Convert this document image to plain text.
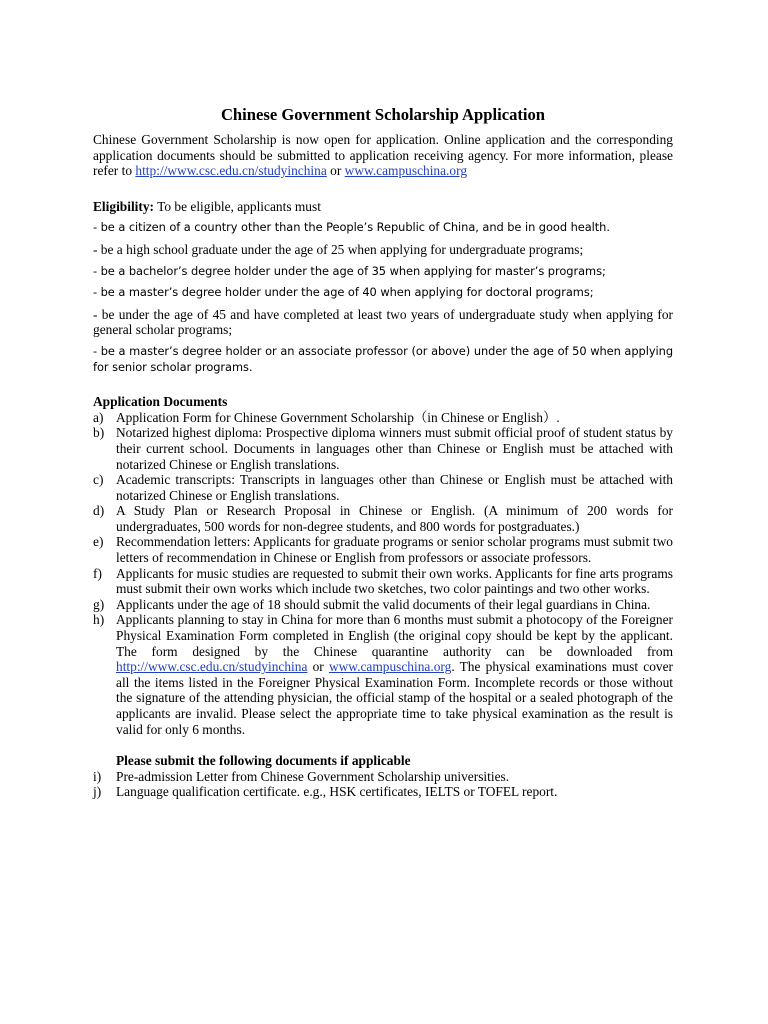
Chinese Government Scholarship Application
Chinese Government Scholarship is now open for application. Online application and the corresponding application documents should be submitted to application receiving agency. For more information, please refer to http://www.csc.edu.cn/studyinchina or www.campuschina.org
Eligibility: To be eligible, applicants must
- be a citizen of a country other than the People’s Republic of China, and be in good health.
- be a high school graduate under the age of 25 when applying for undergraduate programs;
- be a bachelor’s degree holder under the age of 35 when applying for master’s programs;
- be a master’s degree holder under the age of 40 when applying for doctoral programs;
- be under the age of 45 and have completed at least two years of undergraduate study when applying for general scholar programs;
- be a master’s degree holder or an associate professor (or above) under the age of 50 when applying for senior scholar programs.
Application Documents
a) Application Form for Chinese Government Scholarship（in Chinese or English）.
b) Notarized highest diploma: Prospective diploma winners must submit official proof of student status by their current school. Documents in languages other than Chinese or English must be attached with notarized Chinese or English translations.
c) Academic transcripts: Transcripts in languages other than Chinese or English must be attached with notarized Chinese or English translations.
d) A Study Plan or Research Proposal in Chinese or English. (A minimum of 200 words for undergraduates, 500 words for non-degree students, and 800 words for postgraduates.)
e) Recommendation letters: Applicants for graduate programs or senior scholar programs must submit two letters of recommendation in Chinese or English from professors or associate professors.
f) Applicants for music studies are requested to submit their own works. Applicants for fine arts programs must submit their own works which include two sketches, two color paintings and two other works.
g) Applicants under the age of 18 should submit the valid documents of their legal guardians in China.
h) Applicants planning to stay in China for more than 6 months must submit a photocopy of the Foreigner Physical Examination Form completed in English (the original copy should be kept by the applicant. The form designed by the Chinese quarantine authority can be downloaded from http://www.csc.edu.cn/studyinchina or www.campuschina.org. The physical examinations must cover all the items listed in the Foreigner Physical Examination Form. Incomplete records or those without the signature of the attending physician, the official stamp of the hospital or a sealed photograph of the applicants are invalid. Please select the appropriate time to take physical examination as the result is valid for only 6 months.
Please submit the following documents if applicable
i) Pre-admission Letter from Chinese Government Scholarship universities.
j) Language qualification certificate. e.g., HSK certificates, IELTS or TOFEL report.
